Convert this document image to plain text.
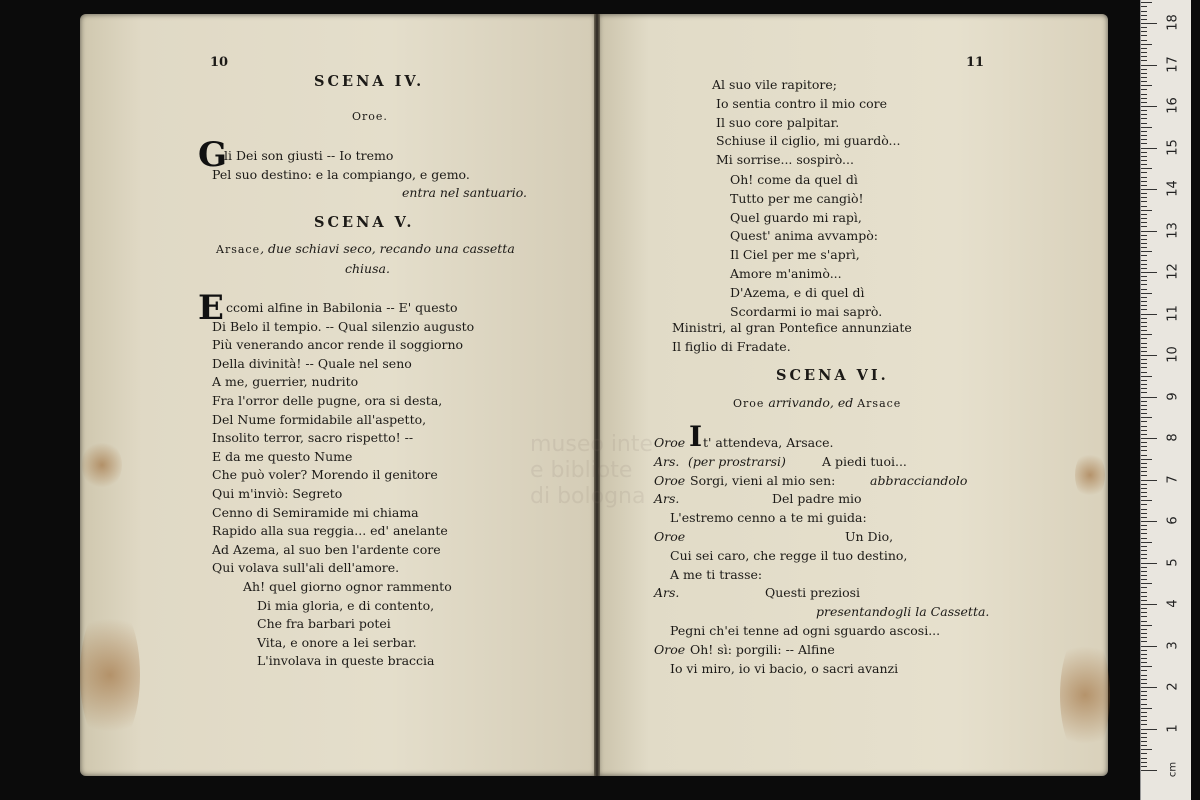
museo inte
e bibliote
di bologna
10
SCENA IV.
Oroe.
G
li Dei son giusti -- Io tremo
Pel suo destino: e la compiango, e gemo.
entra nel santuario.
SCENA V.
Arsace, due schiavi seco, recando una cassetta
chiusa.
E ccomi alfine in Babilonia -- E' questo
Di Belo il tempio. -- Qual silenzio augusto
Più venerando ancor rende il soggiorno
Della divinità! -- Quale nel seno
A me, guerrier, nudrito
Fra l'orror delle pugne, ora si desta,
Del Nume formidabile all'aspetto,
Insolito terror, sacro rispetto! --
E da me questo Nume
Che può voler? Morendo il genitore
Qui m'inviò: Segreto
Cenno di Semiramide mi chiama
Rapido alla sua reggia... ed' anelante
Ad Azema, al suo ben l'ardente core
Qui volava sull'ali dell'amore.
Ah! quel giorno ognor rammento
Di mia gloria, e di contento,
Che fra barbari potei
Vita, e onore a lei serbar.
L'involava in queste braccia
11
Al suo vile rapitore;
Io sentia contro il mio core
Il suo core palpitar.
Schiuse il ciglio, mi guardò...
Mi sorrise... sospirò...
Oh! come da quel dì
Tutto per me cangiò!
Quel guardo mi rapì,
Quest' anima avvampò:
Il Ciel per me s'aprì,
Amore m'animò...
D'Azema, e di quel dì
Scordarmi io mai saprò.
Ministri, al gran Pontefice annunziate
Il figlio di Fradate.
SCENA VI.
Oroe arrivando, ed Arsace
Oroe I t' attendeva, Arsace.
Ars.	A piedi tuoi...
(per prostrarsi)
Oroe Sorgi, vieni al mio sen:	abbracciandolo
Ars.	Del padre mio
L'estremo cenno a te mi guida:
Oroe	Un Dio,
Cui sei caro, che regge il tuo destino,
A me ti trasse:
Ars.	Questi preziosi
presentandogli la Cassetta.
Pegni ch'ei tenne ad ogni sguardo ascosi...
Oroe Oh! sì: porgili: -- Alfine
Io vi miro, io vi bacio, o sacri avanzi
cm
1
2
3
4
5
6
7
8
9
10
11
12
13
14
15
16
17
18
